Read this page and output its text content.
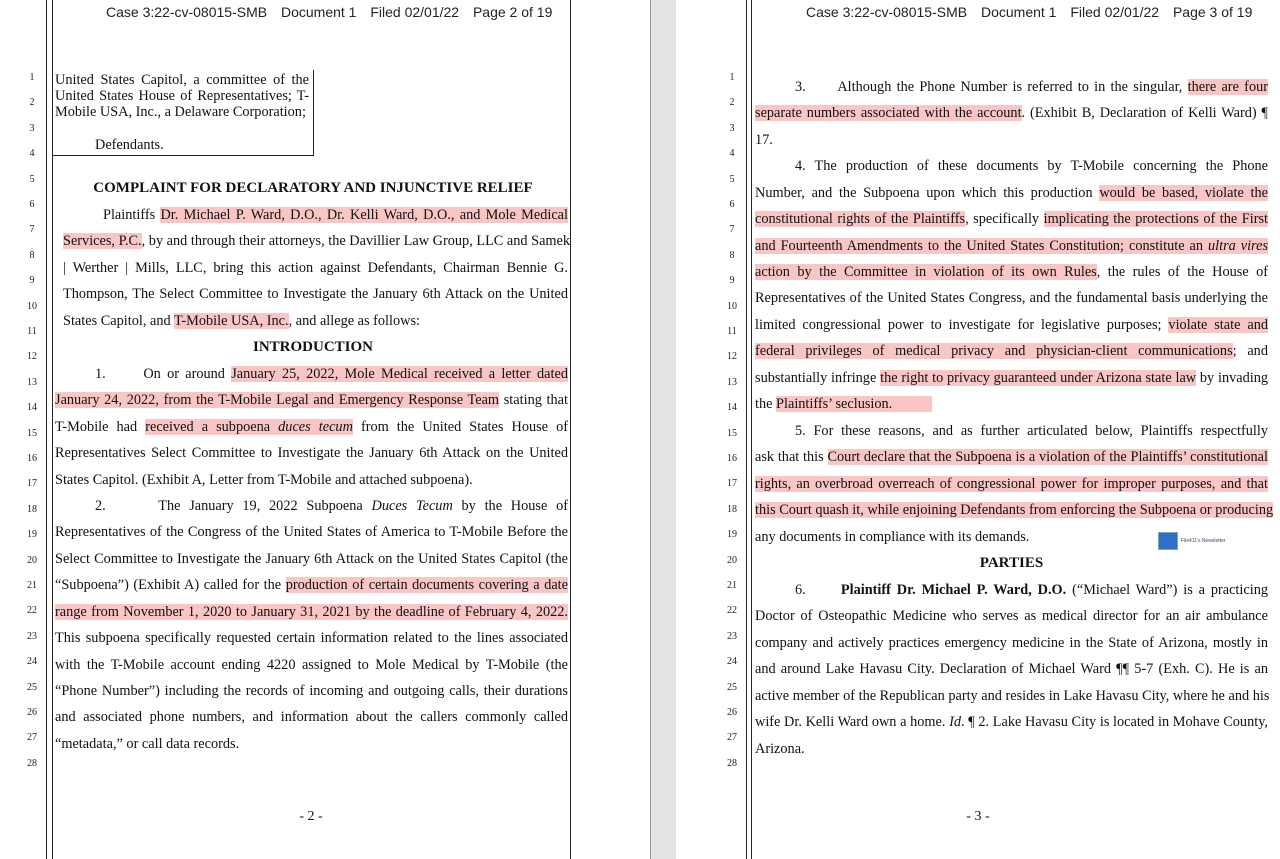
Case 3:22-cv-08015-SMB Document 1 Filed 02/01/22 Page 2 of 19
1
2
3
4
5
6
7
8
9
10
11
12
13
14
15
16
17
18
19
20
21
22
23
24
25
26
27
28
United States Capitol, a committee of the
United States House of Representatives; T-
Mobile USA, Inc., a Delaware Corporation;
Defendants.
COMPLAINT FOR DECLARATORY AND INJUNCTIVE RELIEF
Plaintiffs Dr. Michael P. Ward, D.O., Dr. Kelli Ward, D.O., and Mole Medical
Services, P.C., by and through their attorneys, the Davillier Law Group, LLC and Samek
| Werther | Mills, LLC, bring this action against Defendants, Chairman Bennie G.
Thompson, The Select Committee to Investigate the January 6th Attack on the United
States Capitol, and T-Mobile USA, Inc., and allege as follows:
INTRODUCTION
1.      On or around January 25, 2022, Mole Medical received a letter dated
January 24, 2022, from the T-Mobile Legal and Emergency Response Team stating that
T-Mobile had received a subpoena duces tecum from the United States House of
Representatives Select Committee to Investigate the January 6th Attack on the United
States Capitol. (Exhibit A, Letter from T-Mobile and attached subpoena).
2.      The January 19, 2022 Subpoena Duces Tecum by the House of
Representatives of the Congress of the United States of America to T-Mobile Before the
Select Committee to Investigate the January 6th Attack on the United States Capitol (the
“Subpoena”) (Exhibit A) called for the production of certain documents covering a date
range from November 1, 2020 to January 31, 2021 by the deadline of February 4, 2022.
This subpoena specifically requested certain information related to the lines associated
with the T-Mobile account ending 4220 assigned to Mole Medical by T-Mobile (the
“Phone Number”) including the records of incoming and outgoing calls, their durations
and associated phone numbers, and information about the callers commonly called
“metadata,” or call data records.
- 2 -
Case 3:22-cv-08015-SMB Document 1 Filed 02/01/22 Page 3 of 19
1
2
3
4
5
6
7
8
9
10
11
12
13
14
15
16
17
18
19
20
21
22
23
24
25
26
27
28
3.      Although the Phone Number is referred to in the singular, there are four
separate numbers associated with the account. (Exhibit B, Declaration of Kelli Ward) ¶
17.
4. The production of these documents by T-Mobile concerning the Phone
Number, and the Subpoena upon which this production would be based, violate the
constitutional rights of the Plaintiffs, specifically implicating the protections of the First
and Fourteenth Amendments to the United States Constitution; constitute an ultra vires
action by the Committee in violation of its own Rules, the rules of the House of
Representatives of the United States Congress, and the fundamental basis underlying the
limited congressional power to investigate for legislative purposes; violate state and
federal privileges of medical privacy and physician-client communications; and
substantially infringe the right to privacy guaranteed under Arizona state law by invading
the Plaintiffs’ seclusion.
5. For these reasons, and as further articulated below, Plaintiffs respectfully
ask that this Court declare that the Subpoena is a violation of the Plaintiffs’ constitutional
rights, an overbroad overreach of congressional power for improper purposes, and that
this Court quash it, while enjoining Defendants from enforcing the Subpoena or producing
any documents in compliance with its demands.	File411's Newsletter
PARTIES
6.      Plaintiff Dr. Michael P. Ward, D.O. (“Michael Ward”) is a practicing
Doctor of Osteopathic Medicine who serves as medical director for an air ambulance
company and actively practices emergency medicine in the State of Arizona, mostly in
and around Lake Havasu City. Declaration of Michael Ward ¶¶ 5-7 (Exh. C). He is an
active member of the Republican party and resides in Lake Havasu City, where he and his
wife Dr. Kelli Ward own a home. Id. ¶ 2. Lake Havasu City is located in Mohave County,
Arizona.
- 3 -
